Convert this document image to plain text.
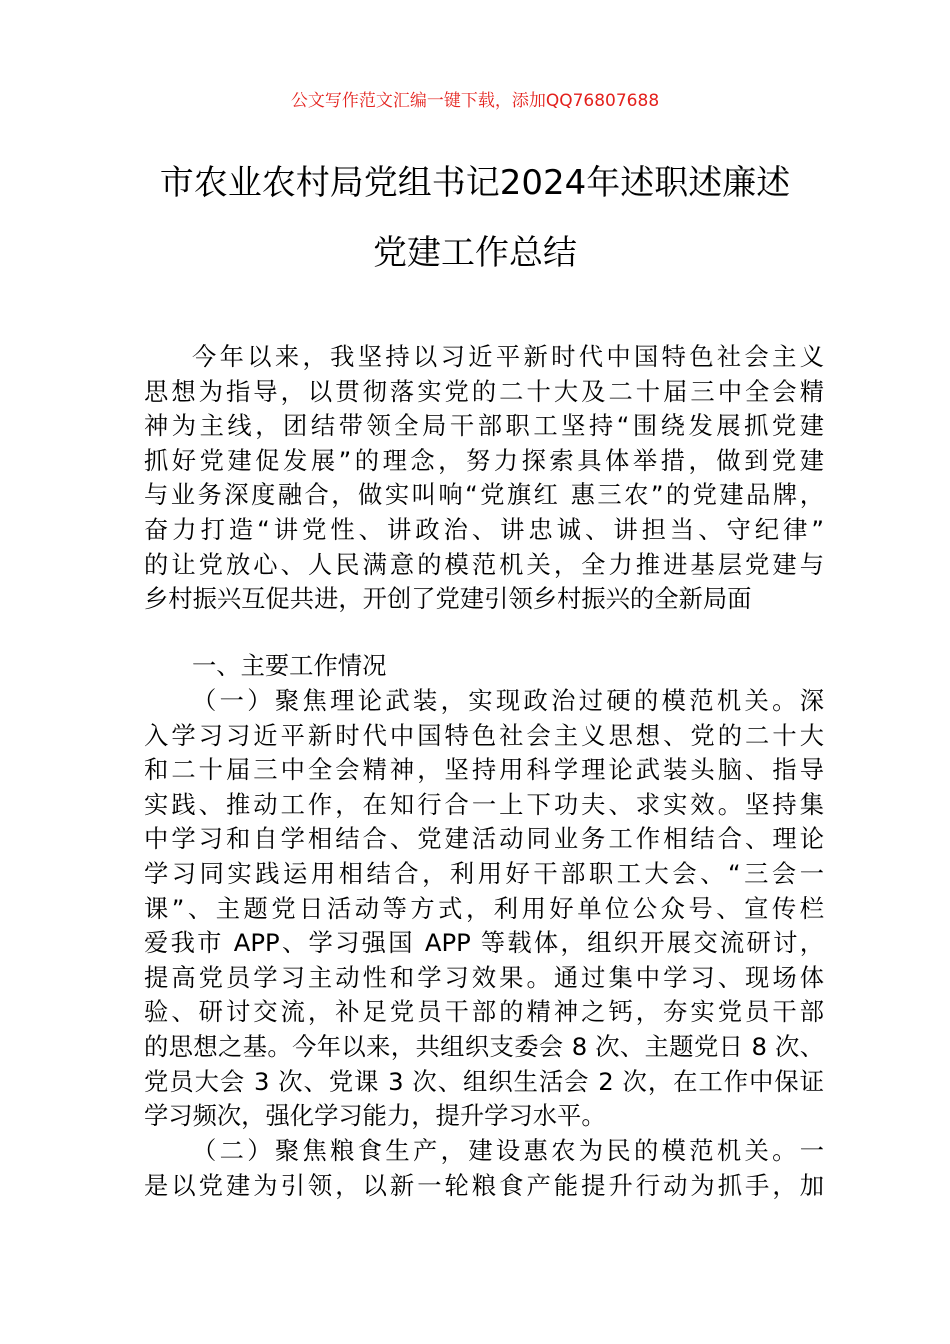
公文写作范文汇编一键下载，添加QQ76807688
市农业农村局党组书记2024年述职述廉述
党建工作总结
今年以来，我坚持以习近平新时代中国特色社会主义
思想为指导，以贯彻落实党的二十大及二十届三中全会精
神为主线，团结带领全局干部职工坚持“围绕发展抓党建
抓好党建促发展”的理念，努力探索具体举措，做到党建
与业务深度融合，做实叫响“党旗红 惠三农”的党建品牌，
奋力打造“讲党性、讲政治、讲忠诚、讲担当、守纪律”
的让党放心、人民满意的模范机关，全力推进基层党建与
乡村振兴互促共进，开创了党建引领乡村振兴的全新局面
一、主要工作情况
（一）聚焦理论武装，实现政治过硬的模范机关。深
入学习习近平新时代中国特色社会主义思想、党的二十大
和二十届三中全会精神，坚持用科学理论武装头脑、指导
实践、推动工作，在知行合一上下功夫、求实效。坚持集
中学习和自学相结合、党建活动同业务工作相结合、理论
学习同实践运用相结合，利用好干部职工大会、“三会一
课”、主题党日活动等方式，利用好单位公众号、宣传栏
爱我市 APP、学习强国 APP 等载体，组织开展交流研讨，
提高党员学习主动性和学习效果。通过集中学习、现场体
验、研讨交流，补足党员干部的精神之钙，夯实党员干部
的思想之基。今年以来，共组织支委会 8 次、主题党日 8 次、
党员大会 3 次、党课 3 次、组织生活会 2 次，在工作中保证
学习频次，强化学习能力，提升学习水平。
（二）聚焦粮食生产，建设惠农为民的模范机关。一
是以党建为引领，以新一轮粮食产能提升行动为抓手，加
